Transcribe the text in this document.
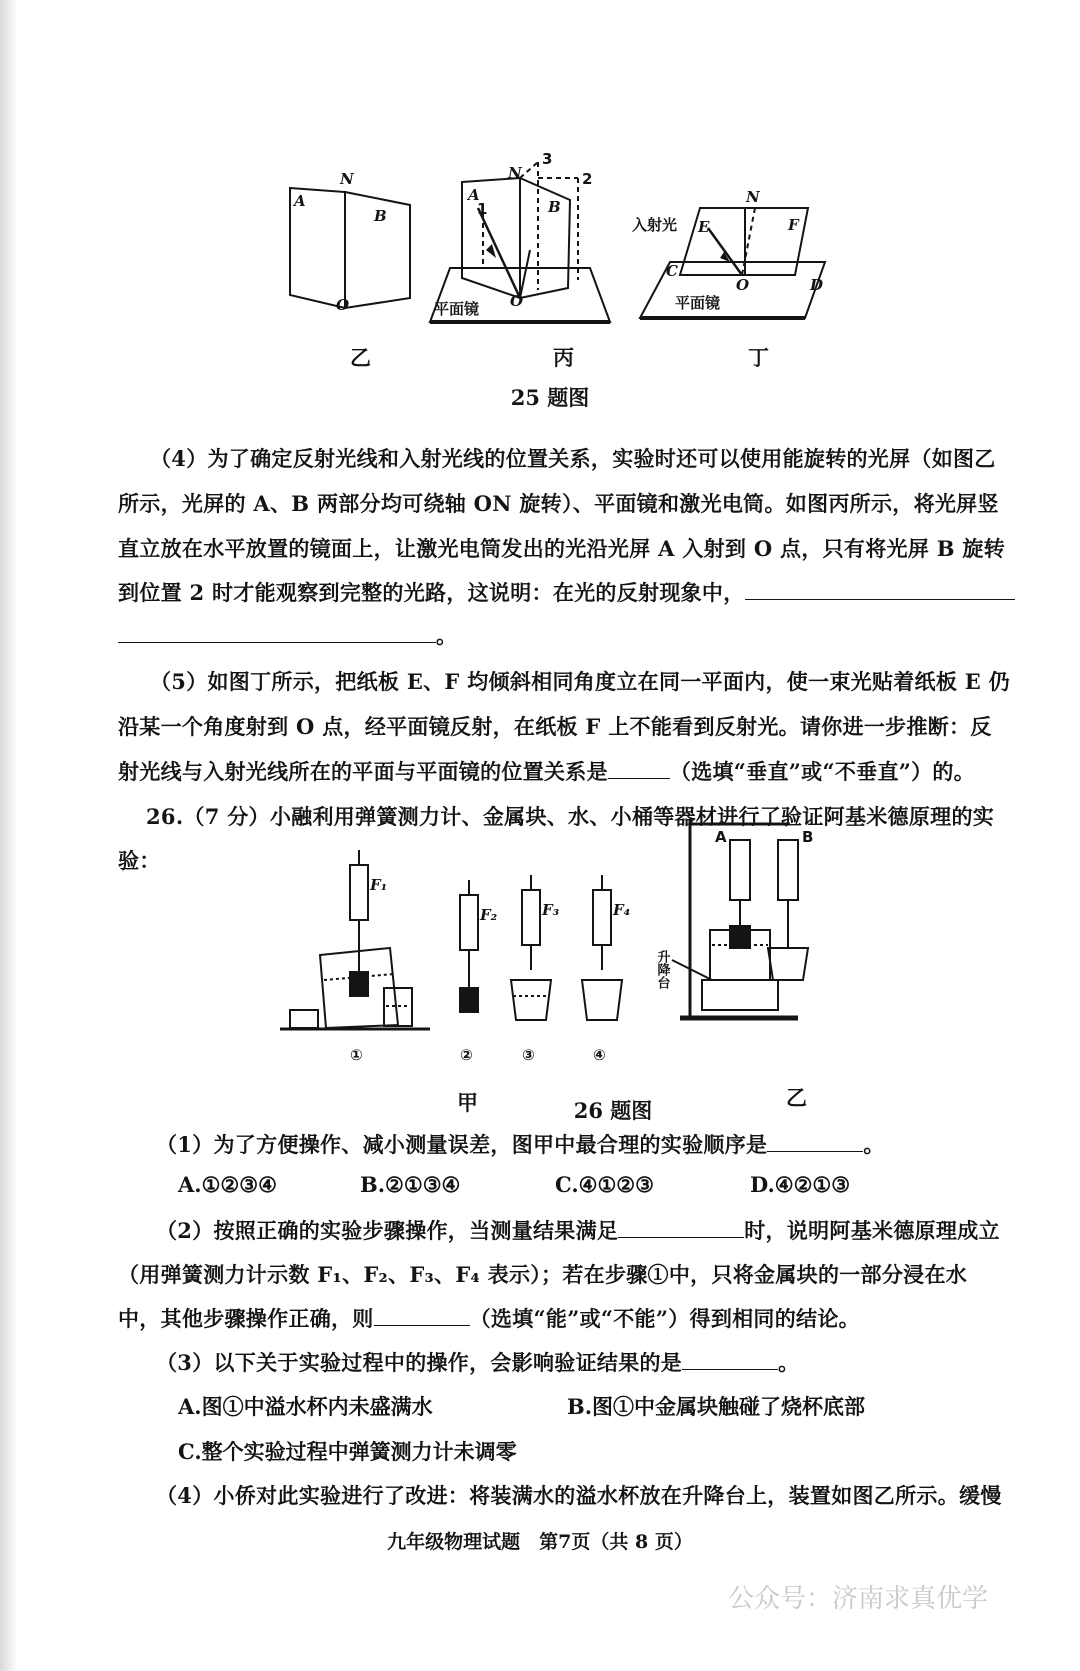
N
A
B
O
N
3
2
1
A
B
O
平面镜
N
E	F
O
C
D
入射光
平面镜
乙	丙	丁
25 题图
（4）为了确定反射光线和入射光线的位置关系，实验时还可以使用能旋转的光屏（如图乙
所示，光屏的 A、B 两部分均可绕轴 ON 旋转）、平面镜和激光电筒。如图丙所示，将光屏竖
直立放在水平放置的镜面上，让激光电筒发出的光沿光屏 A 入射到 O 点，只有将光屏 B 旋转
到位置 2 时才能观察到完整的光路，这说明：在光的反射现象中，
。
（5）如图丁所示，把纸板 E、F 均倾斜相同角度立在同一平面内，使一束光贴着纸板 E 仍
沿某一个角度射到 O 点，经平面镜反射，在纸板 F 上不能看到反射光。请你进一步推断：反
射光线与入射光线所在的平面与平面镜的位置关系是	（选填“垂直”或“不垂直”）的。
26.（7 分）小融利用弹簧测力计、金属块、水、小桶等器材进行了验证阿基米德原理的实
验：
F₁
F₂	F₃	F₄
①	②	③	④
A	B
升降台
甲	26 题图
乙
（1）为了方便操作、减小测量误差，图甲中最合理的实验顺序是	。
A.①②③④	B.②①③④	C.④①②③	D.④②①③
（2）按照正确的实验步骤操作，当测量结果满足	时，说明阿基米德原理成立
（用弹簧测力计示数 F₁、F₂、F₃、F₄ 表示）；若在步骤①中，只将金属块的一部分浸在水
中，其他步骤操作正确，则	（选填“能”或“不能”）得到相同的结论。
（3）以下关于实验过程中的操作，会影响验证结果的是	。
A.图①中溢水杯内未盛满水	B.图①中金属块触碰了烧杯底部
C.整个实验过程中弹簧测力计未调零
（4）小侨对此实验进行了改进：将装满水的溢水杯放在升降台上，装置如图乙所示。缓慢
九年级物理试题　第7页（共 8 页）
公众号：济南求真优学
